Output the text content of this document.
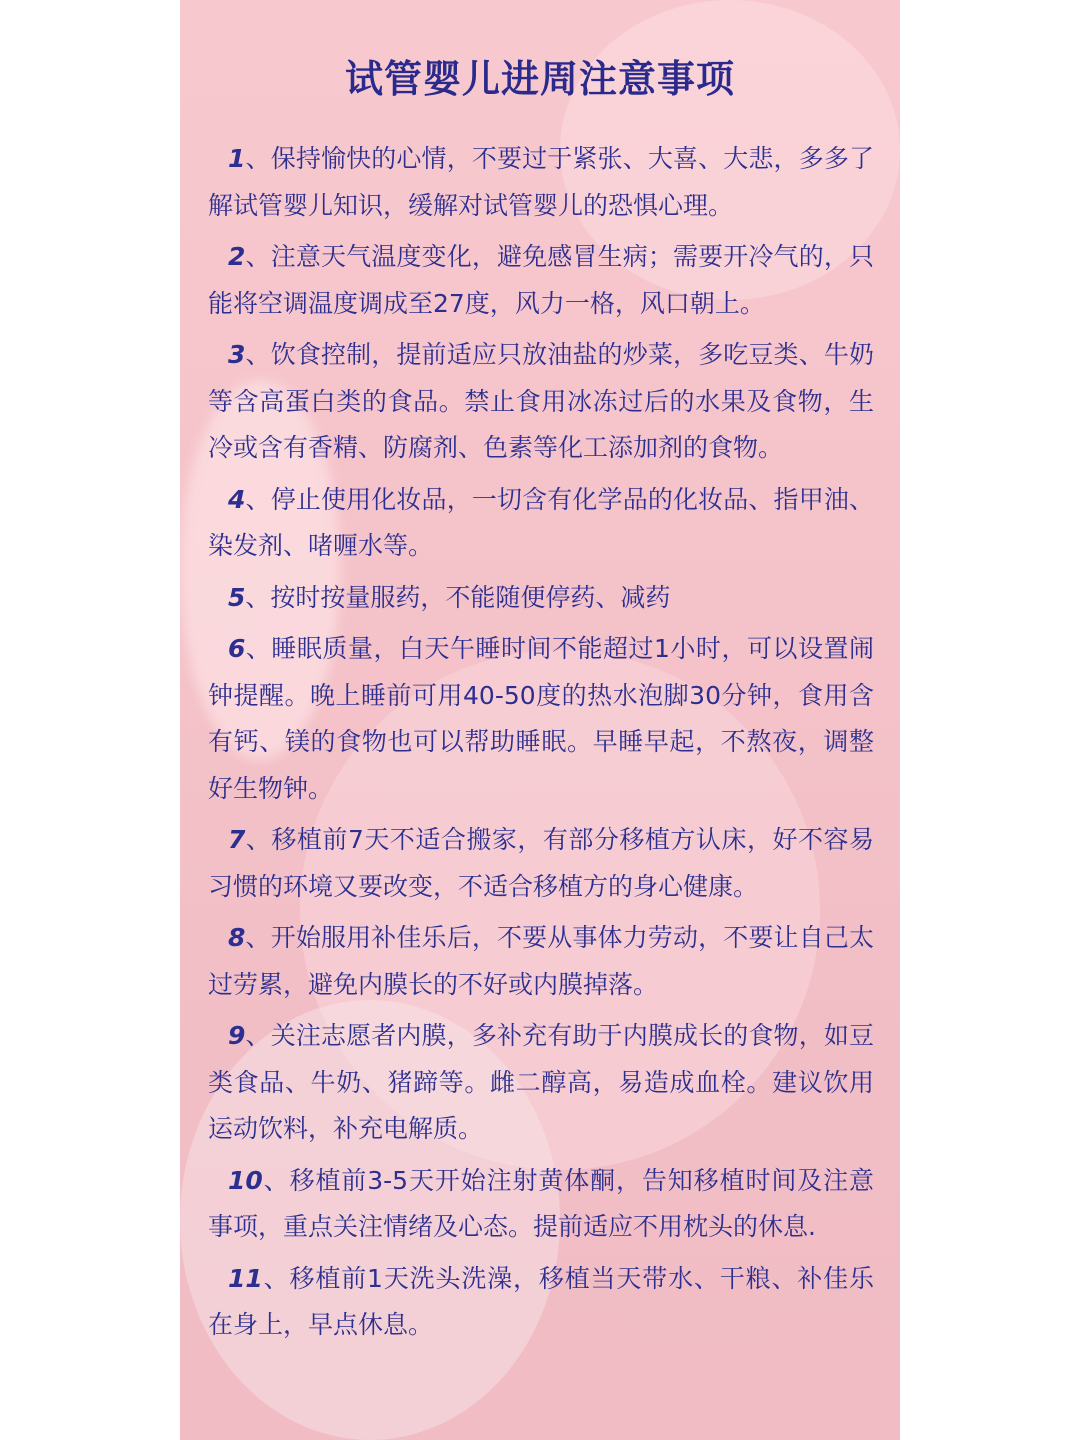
试管婴儿进周注意事项

1、保持愉快的心情，不要过于紧张、大喜、大悲，多多了解试管婴儿知识，缓解对试管婴儿的恐惧心理。

2、注意天气温度变化，避免感冒生病；需要开冷气的，只能将空调温度调成至27度，风力一格，风口朝上。

3、饮食控制，提前适应只放油盐的炒菜，多吃豆类、牛奶等含高蛋白类的食品。禁止食用冰冻过后的水果及食物，生冷或含有香精、防腐剂、色素等化工添加剂的食物。

4、停止使用化妆品，一切含有化学品的化妆品、指甲油、染发剂、啫喱水等。

5、按时按量服药，不能随便停药、减药

6、睡眠质量，白天午睡时间不能超过1小时，可以设置闹钟提醒。晚上睡前可用40-50度的热水泡脚30分钟，食用含有钙、镁的食物也可以帮助睡眠。早睡早起，不熬夜，调整好生物钟。

7、移植前7天不适合搬家，有部分移植方认床，好不容易习惯的环境又要改变，不适合移植方的身心健康。

8、开始服用补佳乐后，不要从事体力劳动，不要让自己太过劳累，避免内膜长的不好或内膜掉落。

9、关注志愿者内膜，多补充有助于内膜成长的食物，如豆类食品、牛奶、猪蹄等。雌二醇高，易造成血栓。建议饮用运动饮料，补充电解质。

10、移植前3-5天开始注射黄体酮，告知移植时间及注意事项，重点关注情绪及心态。提前适应不用枕头的休息.

11、移植前1天洗头洗澡，移植当天带水、干粮、补佳乐在身上，早点休息。
